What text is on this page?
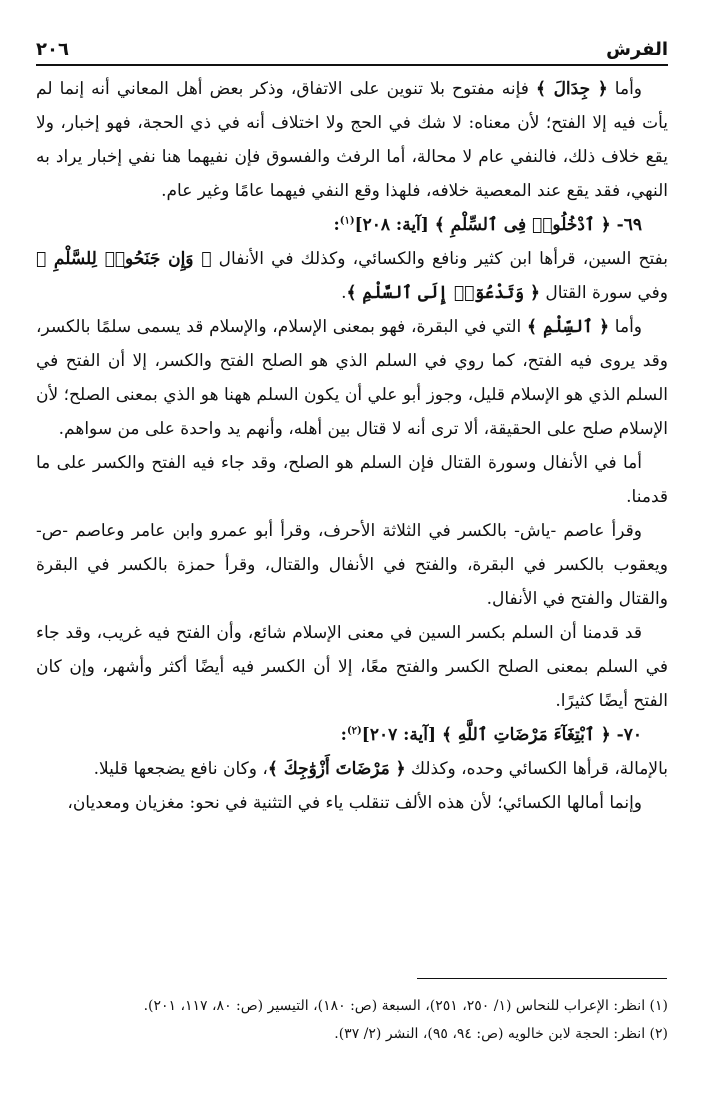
الفرش
٢٠٦

وأما ﴿ جِدَالَ ﴾ فإنه مفتوح بلا تنوين على الاتفاق، وذكر بعض أهل المعاني أنه إنما لم يأت فيه إلا الفتح؛ لأن معناه: لا شك في الحج ولا اختلاف أنه في ذي الحجة، فهو إخبار، ولا يقع خلاف ذلك، فالنفي عام لا محالة، أما الرفث والفسوق فإن نفيهما هنا نفي إخبار يراد به النهي، فقد يقع عند المعصية خلافه، فلهذا وقع النفي فيهما عامًا وغير عام.

٦٩- ﴿ ٱدْخُلُوا۟ فِى ٱلسِّلْمِ ﴾ [آية: ٢٠٨]$^{(١)}$:

بفتح السين، قرأها ابن كثير ونافع والكسائي، وكذلك في الأنفال ﴿ وَإِن جَنَحُوا۟ لِلسَّلْمِ ﴾ وفي سورة القتال ﴿ وَتَدْعُوٓا۟ إِلَى ٱلسَّلْمِ ﴾.

وأما ﴿ ٱلسِّلْمِ ﴾ التي في البقرة، فهو بمعنى الإسلام، والإسلام قد يسمى سلمًا بالكسر، وقد يروى فيه الفتح، كما روي في السلم الذي هو الصلح الفتح والكسر، إلا أن الفتح في السلم الذي هو الإسلام قليل، وجوز أبو علي أن يكون السلم ههنا هو الذي بمعنى الصلح؛ لأن الإسلام صلح على الحقيقة، ألا ترى أنه لا قتال بين أهله، وأنهم يد واحدة على من سواهم.

أما في الأنفال وسورة القتال فإن السلم هو الصلح، وقد جاء فيه الفتح والكسر على ما قدمنا.

وقرأ عاصم -ياش- بالكسر في الثلاثة الأحرف، وقرأ أبو عمرو وابن عامر وعاصم -ص- ويعقوب بالكسر في البقرة، والفتح في الأنفال والقتال، وقرأ حمزة بالكسر في البقرة والقتال والفتح في الأنفال.

قد قدمنا أن السلم بكسر السين في معنى الإسلام شائع، وأن الفتح فيه غريب، وقد جاء في السلم بمعنى الصلح الكسر والفتح معًا، إلا أن الكسر فيه أيضًا أكثر وأشهر، وإن كان الفتح أيضًا كثيرًا.

٧٠- ﴿ ٱبْتِغَآءَ مَرْضَاتِ ٱللَّهِ ﴾ [آية: ٢٠٧]$^{(٢)}$:

بالإمالة، قرأها الكسائي وحده، وكذلك ﴿ مَرْضَاتَ أَزْوَٰجِكَ ﴾، وكان نافع يضجعها قليلا.

وإنما أمالها الكسائي؛ لأن هذه الألف تنقلب ياء في التثنية في نحو: مغزيان ومعديان،

(١) انظر: الإعراب للنحاس (١/ ٢٥٠، ٢٥١)، السبعة (ص: ١٨٠)، التيسير (ص: ٨٠، ١١٧، ٢٠١).

(٢) انظر: الحجة لابن خالويه (ص: ٩٤، ٩٥)، النشر (٢/ ٣٧).
